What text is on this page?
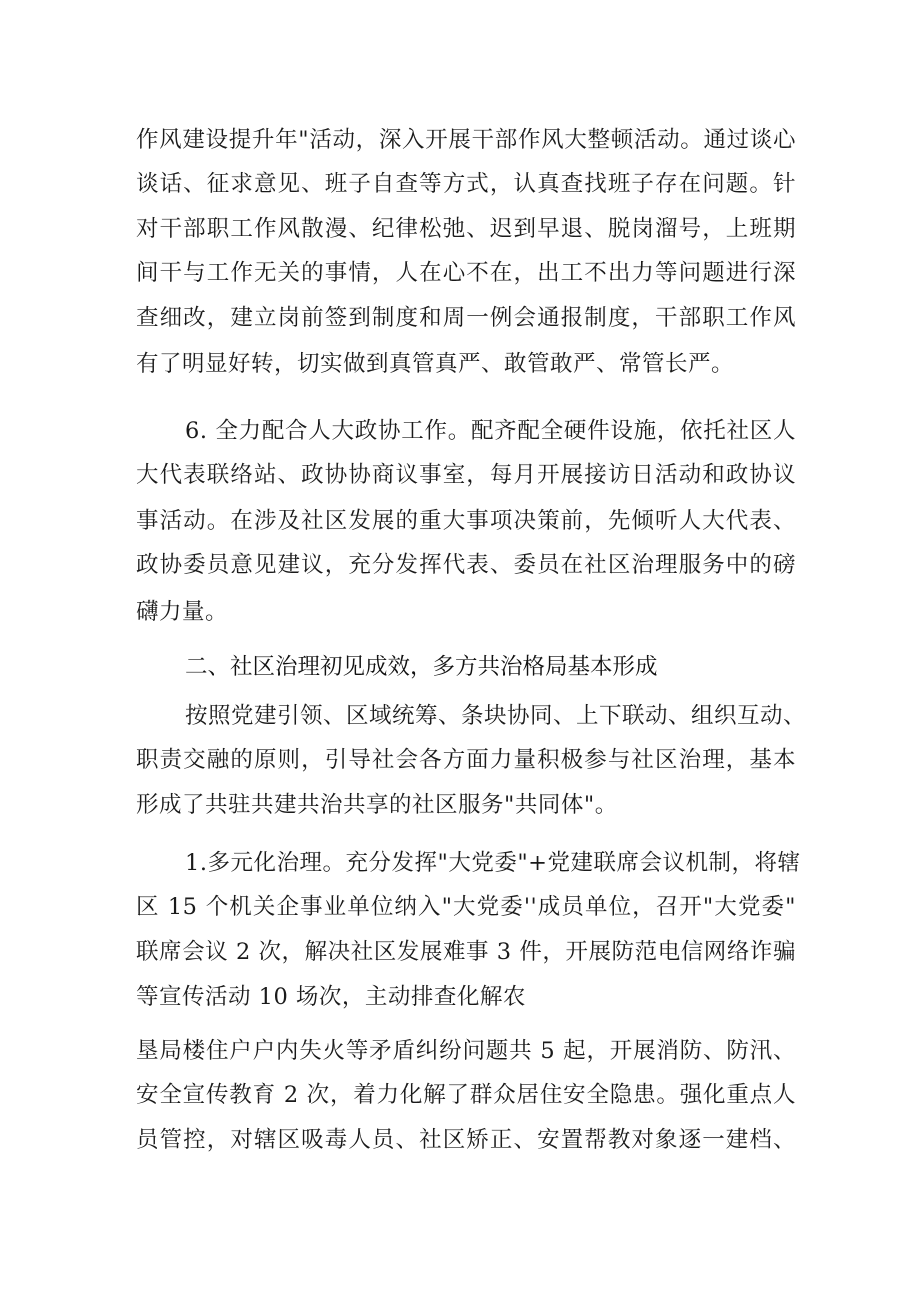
作风建设提升年"活动，深入开展干部作风大整顿活动。通过谈心
谈话、征求意见、班子自查等方式，认真查找班子存在问题。针
对干部职工作风散漫、纪律松弛、迟到早退、脱岗溜号，上班期
间干与工作无关的事情，人在心不在，出工不出力等问题进行深
查细改，建立岗前签到制度和周一例会通报制度，干部职工作风
有了明显好转，切实做到真管真严、敢管敢严、常管长严。
6. 全力配合人大政协工作。配齐配全硬件设施，依托社区人
大代表联络站、政协协商议事室，每月开展接访日活动和政协议
事活动。在涉及社区发展的重大事项决策前，先倾听人大代表、
政协委员意见建议，充分发挥代表、委员在社区治理服务中的磅
礴力量。
二、社区治理初见成效，多方共治格局基本形成
按照党建引领、区域统筹、条块协同、上下联动、组织互动、
职责交融的原则，引导社会各方面力量积极参与社区治理，基本
形成了共驻共建共治共享的社区服务"共同体"。
1.多元化治理。充分发挥"大党委"+党建联席会议机制，将辖
区 15 个机关企事业单位纳入"大党委''成员单位，召开"大党委"
联席会议 2 次，解决社区发展难事 3 件，开展防范电信网络诈骗
等宣传活动 10 场次，主动排查化解农
垦局楼住户户内失火等矛盾纠纷问题共 5 起，开展消防、防汛、
安全宣传教育 2 次，着力化解了群众居住安全隐患。强化重点人
员管控，对辖区吸毒人员、社区矫正、安置帮教对象逐一建档、
